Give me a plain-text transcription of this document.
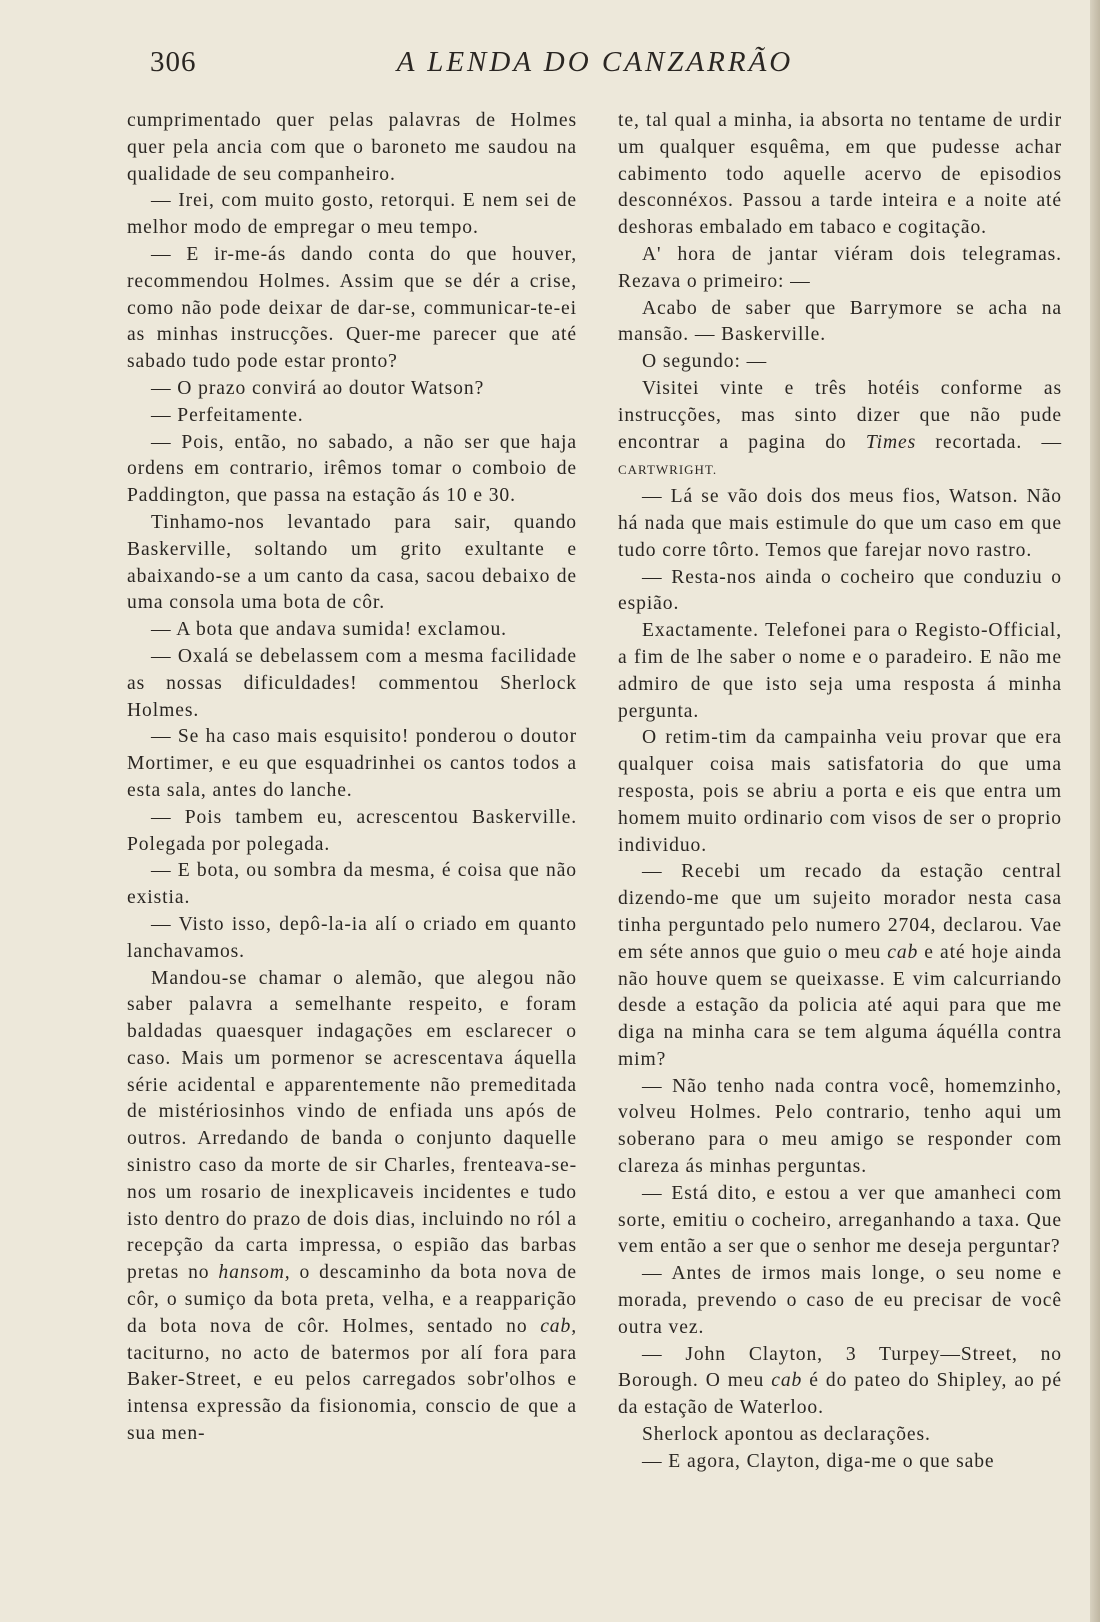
306	A LENDA DO CANZARRÃO

cumprimentado quer pelas palavras de Holmes quer pela ancia com que o baroneto me saudou na qualidade de seu companheiro.

— Irei, com muito gosto, retorqui. E nem sei de melhor modo de empregar o meu tempo.

— E ir-me-ás dando conta do que houver, recommendou Holmes. Assim que se dér a crise, como não pode deixar de dar-se, communicar-te-ei as minhas instrucções. Quer-me parecer que até sabado tudo pode estar pronto?

— O prazo convirá ao doutor Watson?

— Perfeitamente.

— Pois, então, no sabado, a não ser que haja ordens em contrario, irêmos tomar o comboio de Paddington, que passa na estação ás 10 e 30.

Tinhamo-nos levantado para sair, quando Baskerville, soltando um grito exultante e abaixando-se a um canto da casa, sacou debaixo de uma consola uma bota de côr.

— A bota que andava sumida! exclamou.

— Oxalá se debelassem com a mesma facilidade as nossas dificuldades! commentou Sherlock Holmes.

— Se ha caso mais esquisito! ponderou o doutor Mortimer, e eu que esquadrinhei os cantos todos a esta sala, antes do lanche.

— Pois tambem eu, acrescentou Baskerville. Polegada por polegada.

— E bota, ou sombra da mesma, é coisa que não existia.

— Visto isso, depô-la-ia alí o criado em quanto lanchavamos.

Mandou-se chamar o alemão, que alegou não saber palavra a semelhante respeito, e foram baldadas quaesquer indagações em esclarecer o caso. Mais um pormenor se acrescentava áquella série acidental e apparentemente não premeditada de mistériosinhos vindo de enfiada uns após de outros. Arredando de banda o conjunto daquelle sinistro caso da morte de sir Charles, frenteava-se-nos um rosario de inexplicaveis incidentes e tudo isto dentro do prazo de dois dias, incluindo no ról a recepção da carta impressa, o espião das barbas pretas no hansom, o descaminho da bota nova de côr, o sumiço da bota preta, velha, e a reapparição da bota nova de côr. Holmes, sentado no cab, taciturno, no acto de batermos por alí fora para Baker-Street, e eu pelos carregados sobr'olhos e intensa expressão da fisionomia, conscio de que a sua men-

te, tal qual a minha, ia absorta no tentame de urdir um qualquer esquêma, em que pudesse achar cabimento todo aquelle acervo de episodios desconnéxos. Passou a tarde inteira e a noite até deshoras embalado em tabaco e cogitação.

A' hora de jantar viéram dois telegramas. Rezava o primeiro: —

Acabo de saber que Barrymore se acha na mansão. — Baskerville.

O segundo: —

Visitei vinte e três hotéis conforme as instrucções, mas sinto dizer que não pude encontrar a pagina do Times recortada. — CARTWRIGHT.

— Lá se vão dois dos meus fios, Watson. Não há nada que mais estimule do que um caso em que tudo corre tôrto. Temos que farejar novo rastro.

— Resta-nos ainda o cocheiro que conduziu o espião.

Exactamente. Telefonei para o Registo-Official, a fim de lhe saber o nome e o paradeiro. E não me admiro de que isto seja uma resposta á minha pergunta.

O retim-tim da campainha veiu provar que era qualquer coisa mais satisfatoria do que uma resposta, pois se abriu a porta e eis que entra um homem muito ordinario com visos de ser o proprio individuo.

— Recebi um recado da estação central dizendo-me que um sujeito morador nesta casa tinha perguntado pelo numero 2704, declarou. Vae em séte annos que guio o meu cab e até hoje ainda não houve quem se queixasse. E vim calcurriando desde a estação da policia até aqui para que me diga na minha cara se tem alguma áquélla contra mim?

— Não tenho nada contra você, homemzinho, volveu Holmes. Pelo contrario, tenho aqui um soberano para o meu amigo se responder com clareza ás minhas perguntas.

— Está dito, e estou a ver que amanheci com sorte, emitiu o cocheiro, arreganhando a taxa. Que vem então a ser que o senhor me deseja perguntar?

— Antes de irmos mais longe, o seu nome e morada, prevendo o caso de eu precisar de você outra vez.

— John Clayton, 3 Turpey—Street, no Borough. O meu cab é do pateo do Shipley, ao pé da estação de Waterloo.

Sherlock apontou as declarações.

— E agora, Clayton, diga-me o que sabe
